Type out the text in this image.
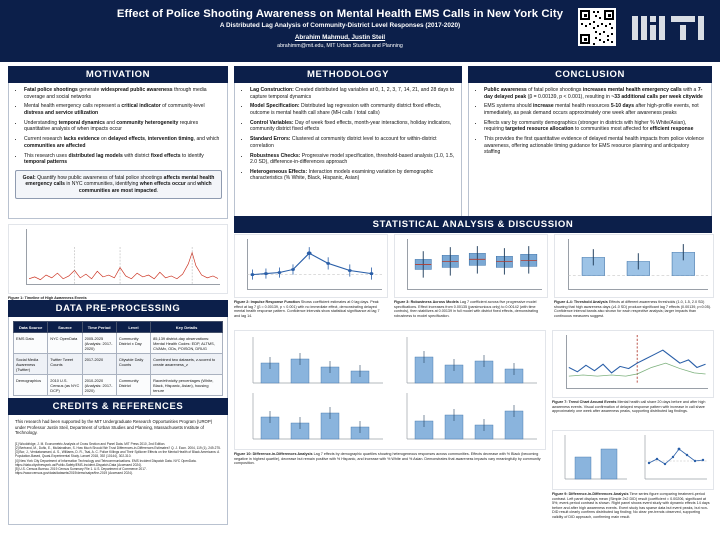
Effect of Police Shooting Awareness on Mental Health EMS Calls in New York City
A Distributed Lag Analysis of Community-District Level Responses (2017-2020)
Abrahim Mahmud, Justin Steil
abrahimm@mit.edu, MIT Urban Studies and Planning
MOTIVATION
• Fatal police shootings generate widespread public awareness through media coverage and social networks
• Mental health emergency calls represent a critical indicator of community-level distress and service utilization
• Understanding temporal dynamics and community heterogeneity requires quantitative analysis of when impacts occur
• Current research lacks evidence on delayed effects, intervention timing, and which communities are affected
• This research uses distributed lag models with district fixed effects to identify temporal patterns
Goal: Quantify how public awareness of fatal police shootings affects mental health emergency calls in NYC communities, identifying when effects occur and which communities are most impacted.
Figure 1: Timeline of High Awareness Events

METHODOLOGY
• Lag Construction: Created distributed lag variables at 0, 1, 2, 3, 7, 14, 21, and 28 days to capture temporal dynamics
• Model Specification: Distributed lag regression with community district fixed effects, outcome is mental health call share (MH calls / total calls)
• Control Variables: Day of week fixed effects, month-year interactions, holiday indicators, community district fixed effects
• Standard Errors: Clustered at community district level to account for within-district correlation
• Robustness Checks: Progressive model specification, threshold-based analysis (1.0, 1.5, 2.0 SD), difference-in-differences approach
• Heterogeneous Effects: Interaction models examining variation by demographic characteristics (% White, Black, Hispanic, Asian)
CONCLUSION
• Public awareness of fatal police shootings increases mental health emergency calls with a 7-day delayed peak (β = 0.00139, p < 0.001), resulting in ~33 additional calls per week citywide
• EMS systems should increase mental health resources 5-10 days after high-profile events, not immediately, as peak demand occurs approximately one week after awareness peaks
• Effects vary by community demographics (stronger in districts with higher % White/Asian), requiring targeted resource allocation to communities most affected for efficient response
• This provides the first quantitative evidence of delayed mental health impacts from police violence awareness, offering actionable timing guidance for EMS resource planning and anticipatory staffing
STATISTICAL ANALYSIS & DISCUSSION
Figure 2: Impulse Response Function Shows coefficient estimates at 0 lag days. Peak effect at lag 7 (β = 0.00139, p < 0.001) with no immediate effect, demonstrating delayed mental health response pattern. Confidence intervals show statistical significance at lag 7 and lag 14.
Figure 3: Robustness Across Models Lag 7 coefficient across five progressive model specifications. Effect increases from 0.00135 (parsimonious only) to 0.00142 (with time controls), then stabilizes at 0.00139 in full model with district fixed effects, demonstrating robustness to model specification.
Figure 4-4: Threshold Analysis Effects at different awareness thresholds (1.0, 1.5, 2.0 SD) showing that high awareness days (≥1.0 SD) produce significant lag 7 effects (0.00139, p<0.05). Confidence interval bands also shown for each respective analysis; larger impacts than continuous measures suggest.
Figure 10: Difference-in-Differences Analysis Lag 7 effects by demographic quartiles showing heterogeneous responses across communities. Effects decrease with % Black (becoming negative in highest quartile), decrease but remain positive with % Hispanic, and increase with % White and % Asian. Demonstrates that awareness impacts vary meaningfully by community composition.
Figure 7: Trend Chart Around Events Mental health call share 20 days before and after high awareness events. Visual confirmation of delayed response pattern with increase in call share approximately one week after awareness peaks, supporting distributed lag findings.
Figure 9: Difference-in-Differences Analysis Time series figure comparing treatment-period contrast. Left panel displays mean (Simple 2x2 DID) result (coefficient = 0.00206, significant at 5%; event-period contrast is shown. Right panel shows event study with dynamic effects 14 days before and after high awareness events. Event study has sparse data but event peaks, but non-DID result clearly confirms distributed lag finding; No clear pre-trends observed, supporting validity of DID approach, confirming main result.
DATA PRE-PROCESSING
Data Source	Source	Time Period	Level	Key Details
EMS Data	NYC OpenData	2005-2025 (Analysis: 2017-2020)	Community District x Day	85,139 district-day observations: Mental Health Codes: EDP, ALTMS, CVAMx, ODs, POISON, DRUG
Social Media Awareness (Twitter)	Twitter Tweet Counts	2017-2020	Citywide Daily Counts	Combined two datasets, z-scored to create awareness_z
Demographics	2010 U.S. Census (as NYC DCP)	2010-2020 (Analysis: 2017-2020)	Community District	Race/ethnicity percentages (White, Black, Hispanic, Asian), housing tenure
CREDITS & REFERENCES
This research had been supported by the MIT Undergraduate Research Opportunities Program (UROP) under Professor Justin Steil, Department of Urban Studies and Planning, Massachusetts Institute of Technology.
[1] Wooldridge, J. M. Econometric Analysis of Cross Section and Panel Data. MIT Press 2010, 2nd Edition.
[2] Bertrand, M., Duflo, E., Mullainathan, S. How Much Should We Trust Differences-in-Differences Estimates? Q. J. Econ. 2004, 119 (1), 249-275.
[3] Bor, J., Venkataramani, A. S., Williams, D. R., Tsai, A. C. Police Killings and Their Spillover Effects on the Mental Health of Black Americans: A Population-Based, Quasi-Experimental Study. Lancet 2018, 392 (10144), 302-310.
[4] New York City Department of Information Technology and Telecommunications. EMS Incident Dispatch Data. NYC OpenData. https://data.cityofnewyork.us/Public-Safety/EMS-Incident-Dispatch-Data (Accessed 2024).
[5] U.S. Census Bureau. 2019 Census Summary File 1. U.S. Department of Commerce 2017.
https://www.census.gov/data/datasets/2019/demo/saipe/the-2019 (Accessed 2024).
